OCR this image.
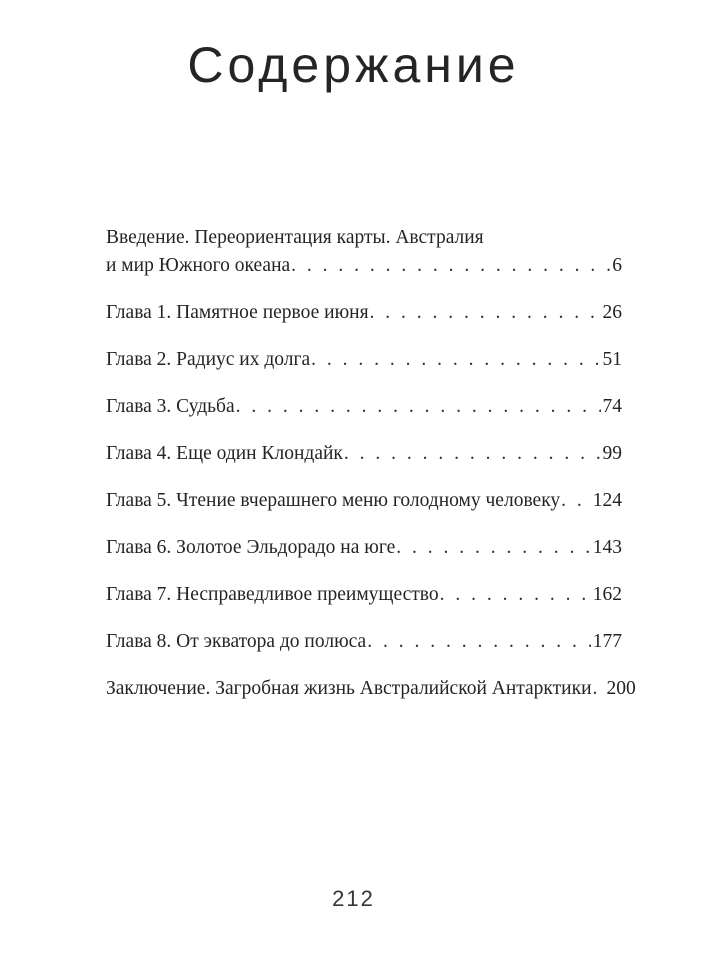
Содержание
Введение. Переориентация карты. Австралия
и мир Южного океана . . .	6
Глава 1. Памятное первое июня . . .	26
Глава 2. Радиус их долга . . .	51
Глава 3. Судьба . . .	74
Глава 4. Еще один Клондайк . . .	99
Глава 5. Чтение вчерашнего меню голодному человеку . . . 124
Глава 6. Золотое Эльдорадо на юге . . .	143
Глава 7. Несправедливое преимущество . . .	162
Глава 8. От экватора до полюса . . .	177
Заключение. Загробная жизнь Австралийской Антарктики . . . 200
212
